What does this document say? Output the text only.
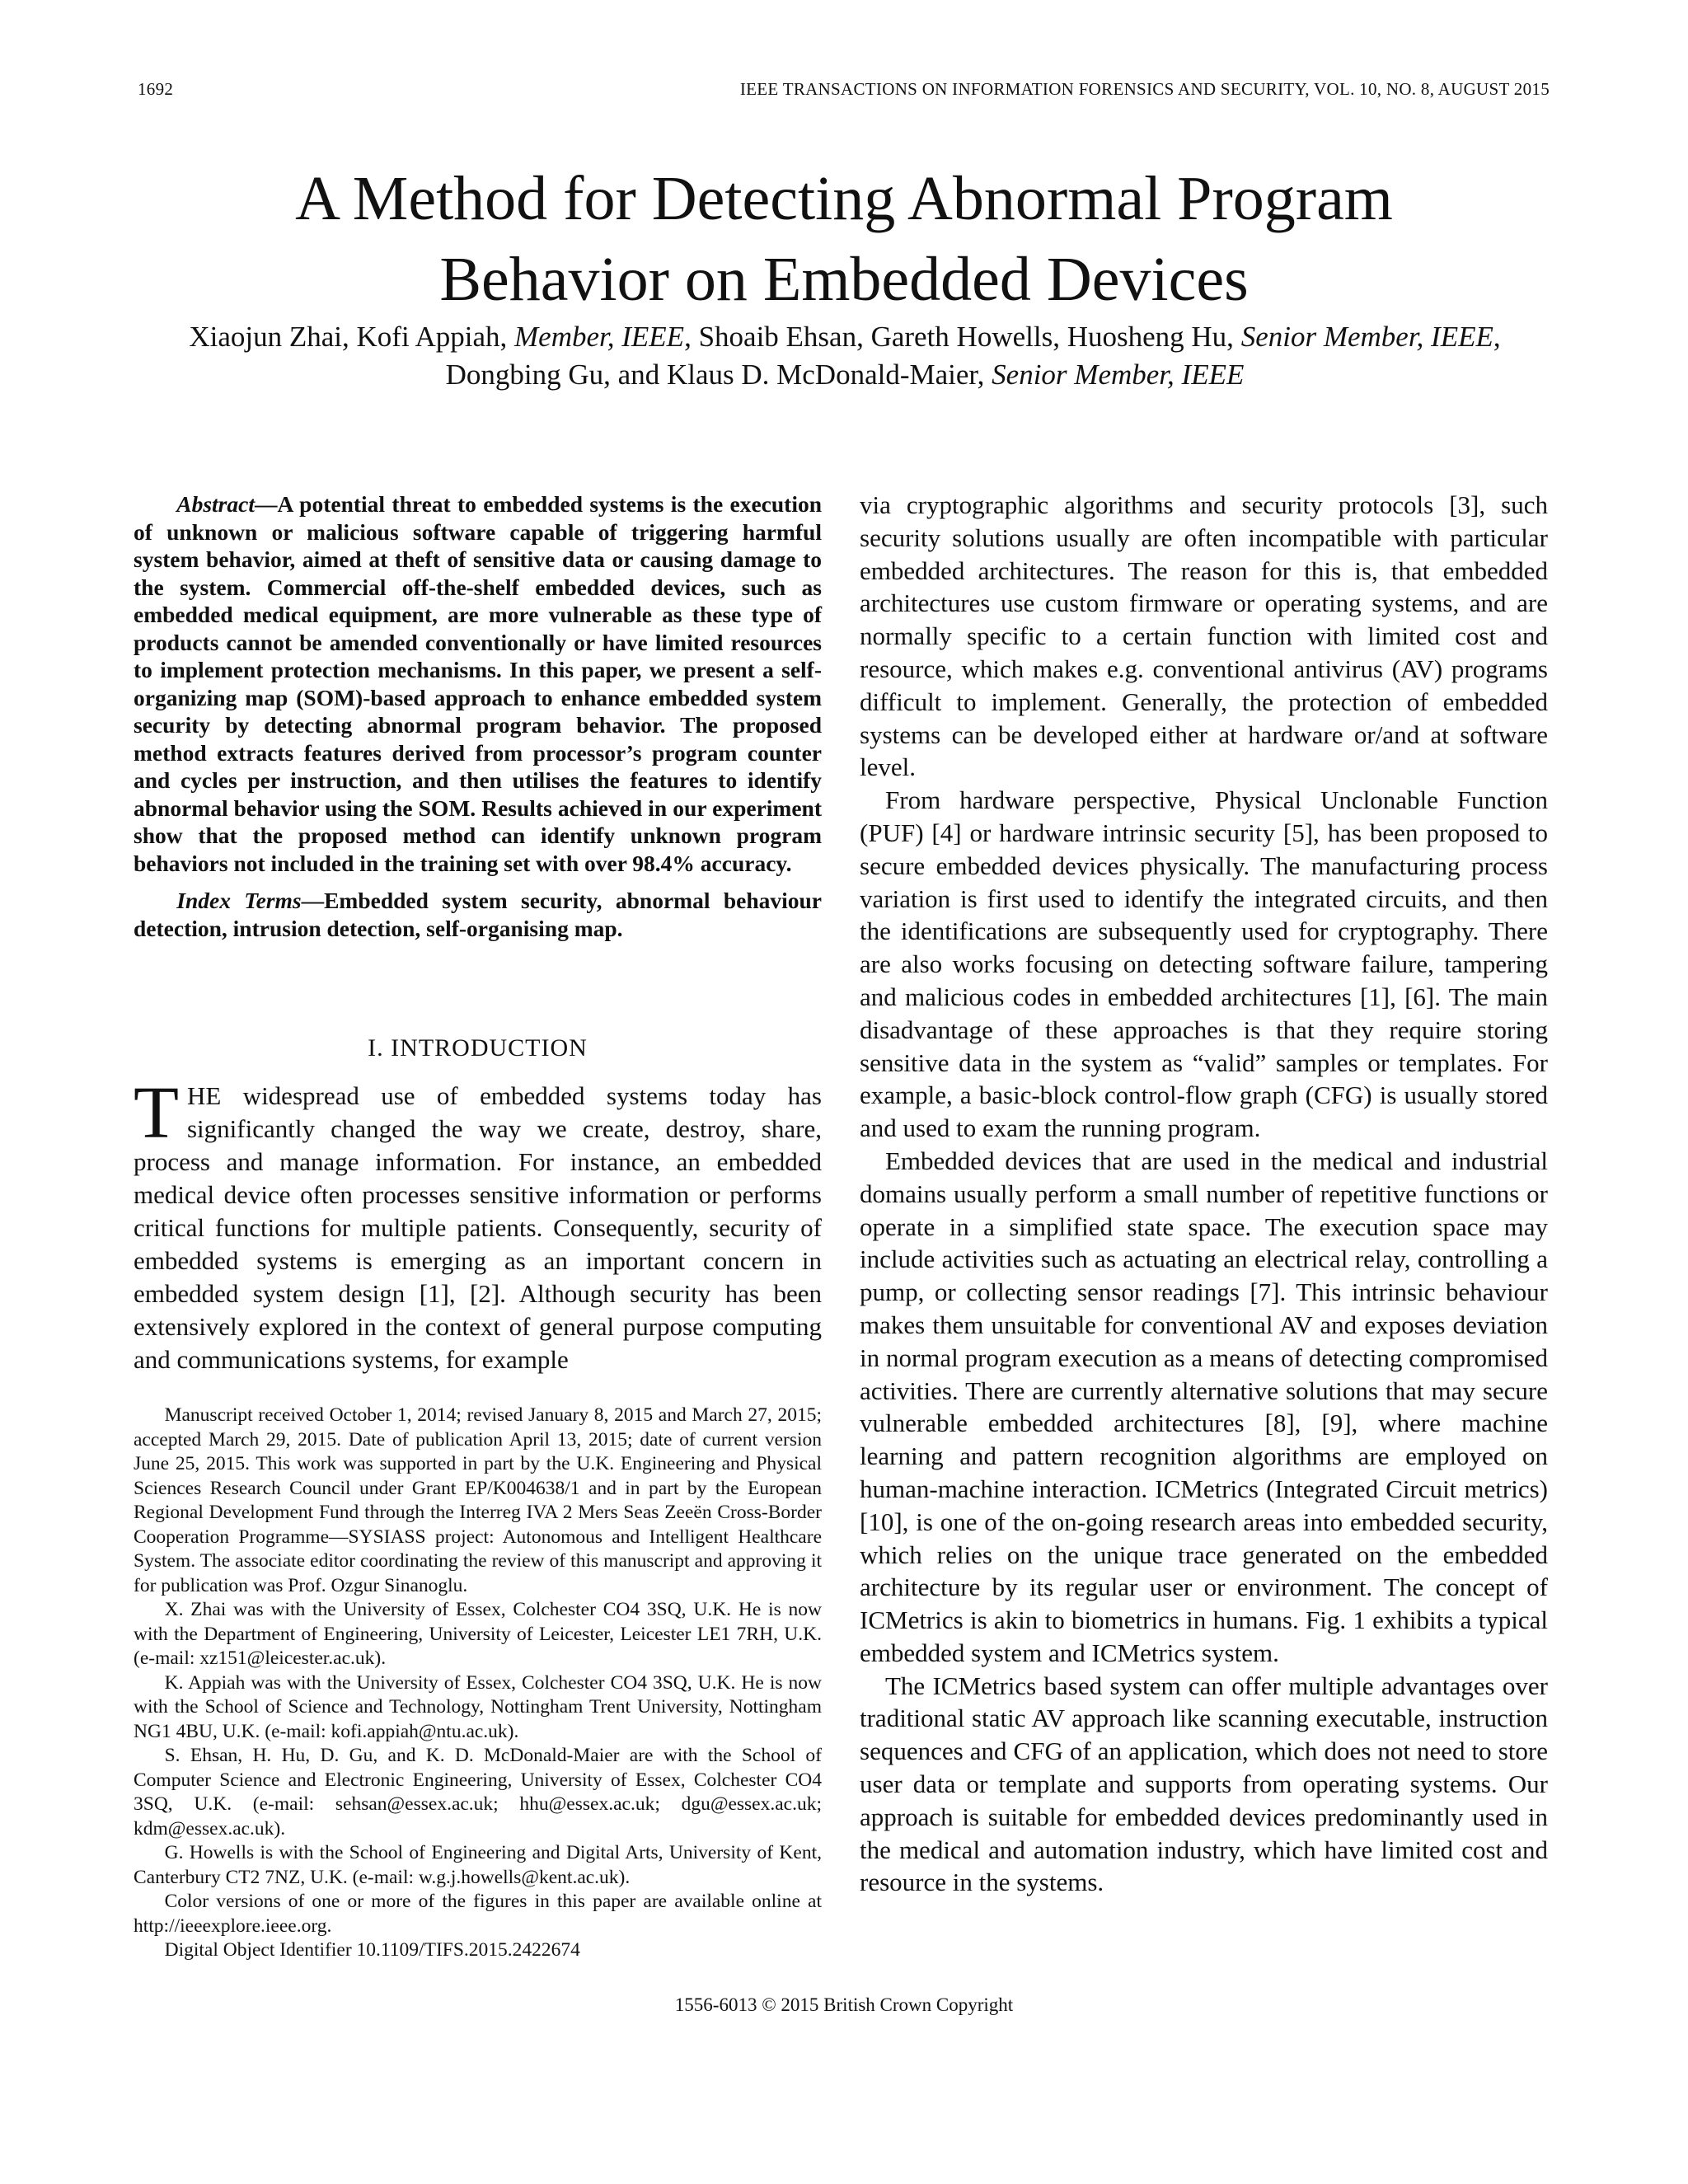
1692	IEEE TRANSACTIONS ON INFORMATION FORENSICS AND SECURITY, VOL. 10, NO. 8, AUGUST 2015
A Method for Detecting Abnormal Program
Behavior on Embedded Devices
Xiaojun Zhai, Kofi Appiah, Member, IEEE, Shoaib Ehsan, Gareth Howells, Huosheng Hu, Senior Member, IEEE,
Dongbing Gu, and Klaus D. McDonald-Maier, Senior Member, IEEE

Abstract—A potential threat to embedded systems is the execution of unknown or malicious software capable of triggering harmful system behavior, aimed at theft of sensitive data or causing damage to the system. Commercial off-the-shelf embedded devices, such as embedded medical equipment, are more vulnerable as these type of products cannot be amended conventionally or have limited resources to implement protection mechanisms. In this paper, we present a self-organizing map (SOM)-based approach to enhance embedded system security by detecting abnormal program behavior. The proposed method extracts features derived from processor’s program counter and cycles per instruction, and then utilises the features to identify abnormal behavior using the SOM. Results achieved in our experiment show that the proposed method can identify unknown program behaviors not included in the training set with over 98.4% accuracy.

Index Terms—Embedded system security, abnormal behaviour detection, intrusion detection, self-organising map.

I. INTRODUCTION

THE widespread use of embedded systems today has significantly changed the way we create, destroy, share, process and manage information. For instance, an embedded medical device often processes sensitive information or performs critical functions for multiple patients. Consequently, security of embedded systems is emerging as an important concern in embedded system design [1], [2]. Although security has been extensively explored in the context of general purpose computing and communications systems, for example

Manuscript received October 1, 2014; revised January 8, 2015 and March 27, 2015; accepted March 29, 2015. Date of publication April 13, 2015; date of current version June 25, 2015. This work was supported in part by the U.K. Engineering and Physical Sciences Research Council under Grant EP/K004638/1 and in part by the European Regional Development Fund through the Interreg IVA 2 Mers Seas Zeeën Cross-Border Cooperation Programme—SYSIASS project: Autonomous and Intelligent Healthcare System. The associate editor coordinating the review of this manuscript and approving it for publication was Prof. Ozgur Sinanoglu.

X. Zhai was with the University of Essex, Colchester CO4 3SQ, U.K. He is now with the Department of Engineering, University of Leicester, Leicester LE1 7RH, U.K. (e-mail: xz151@leicester.ac.uk).

K. Appiah was with the University of Essex, Colchester CO4 3SQ, U.K. He is now with the School of Science and Technology, Nottingham Trent University, Nottingham NG1 4BU, U.K. (e-mail: kofi.appiah@ntu.ac.uk).

S. Ehsan, H. Hu, D. Gu, and K. D. McDonald-Maier are with the School of Computer Science and Electronic Engineering, University of Essex, Colchester CO4 3SQ, U.K. (e-mail: sehsan@essex.ac.uk; hhu@essex.ac.uk; dgu@essex.ac.uk; kdm@essex.ac.uk).

G. Howells is with the School of Engineering and Digital Arts, University of Kent, Canterbury CT2 7NZ, U.K. (e-mail: w.g.j.howells@kent.ac.uk).

Color versions of one or more of the figures in this paper are available online at http://ieeexplore.ieee.org.

Digital Object Identifier 10.1109/TIFS.2015.2422674

via cryptographic algorithms and security protocols [3], such security solutions usually are often incompatible with particular embedded architectures. The reason for this is, that embedded architectures use custom firmware or operating systems, and are normally specific to a certain function with limited cost and resource, which makes e.g. conventional antivirus (AV) programs difficult to implement. Generally, the protection of embedded systems can be developed either at hardware or/and at software level.

From hardware perspective, Physical Unclonable Function (PUF) [4] or hardware intrinsic security [5], has been proposed to secure embedded devices physically. The manufacturing process variation is first used to identify the integrated circuits, and then the identifications are subsequently used for cryptography. There are also works focusing on detecting software failure, tampering and malicious codes in embedded architectures [1], [6]. The main disadvantage of these approaches is that they require storing sensitive data in the system as “valid” samples or templates. For example, a basic-block control-flow graph (CFG) is usually stored and used to exam the running program.

Embedded devices that are used in the medical and industrial domains usually perform a small number of repetitive functions or operate in a simplified state space. The execution space may include activities such as actuating an electrical relay, controlling a pump, or collecting sensor readings [7]. This intrinsic behaviour makes them unsuitable for conventional AV and exposes deviation in normal program execution as a means of detecting compromised activities. There are currently alternative solutions that may secure vulnerable embedded architectures [8], [9], where machine learning and pattern recognition algorithms are employed on human-machine interaction. ICMetrics (Integrated Circuit metrics) [10], is one of the on-going research areas into embedded security, which relies on the unique trace generated on the embedded architecture by its regular user or environment. The concept of ICMetrics is akin to biometrics in humans. Fig. 1 exhibits a typical embedded system and ICMetrics system.

The ICMetrics based system can offer multiple advantages over traditional static AV approach like scanning executable, instruction sequences and CFG of an application, which does not need to store user data or template and supports from operating systems. Our approach is suitable for embedded devices predominantly used in the medical and automation industry, which have limited cost and resource in the systems.

1556-6013 © 2015 British Crown Copyright
